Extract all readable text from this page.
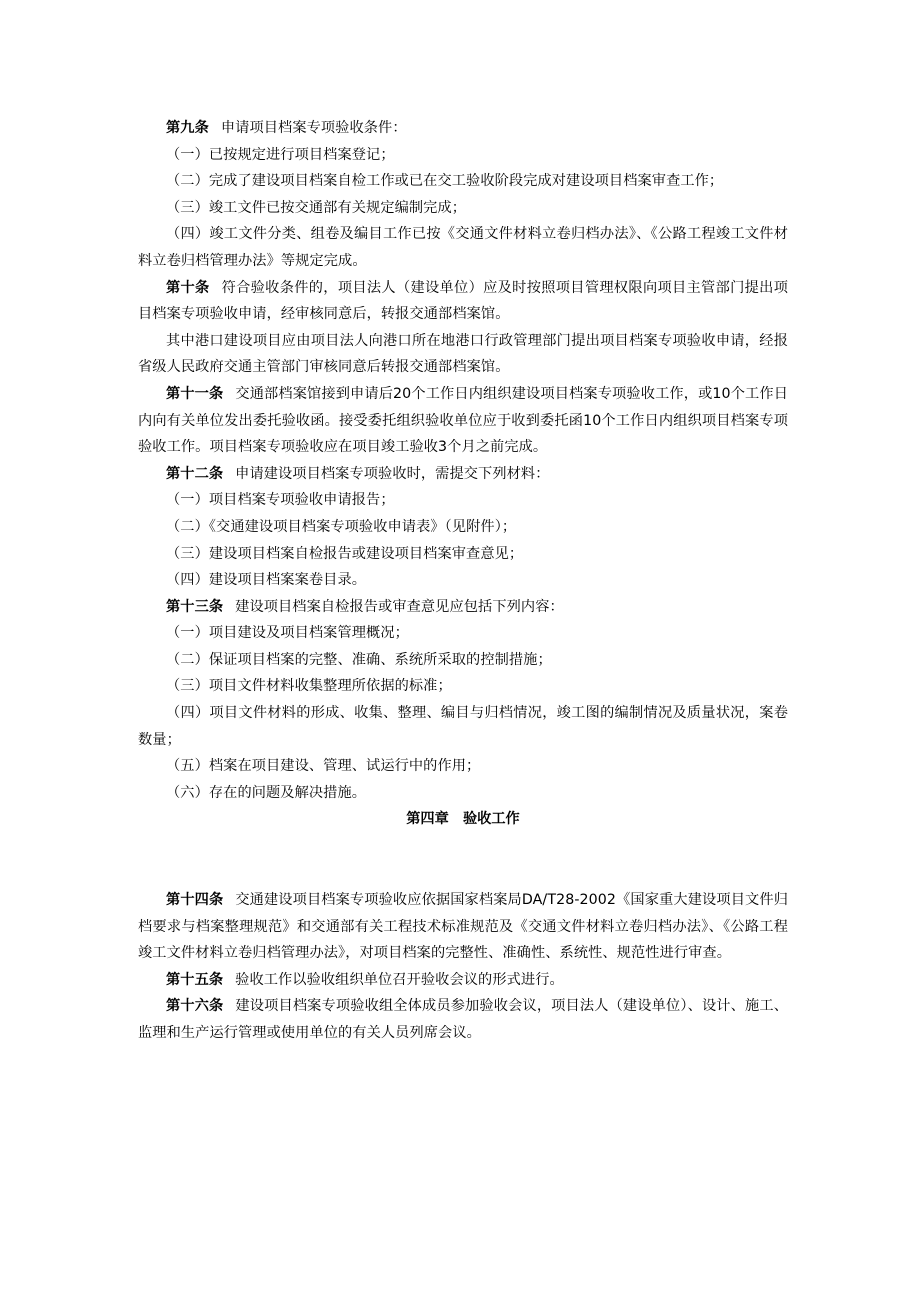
第九条 申请项目档案专项验收条件：

（一）已按规定进行项目档案登记；

（二）完成了建设项目档案自检工作或已在交工验收阶段完成对建设项目档案审查工作；

（三）竣工文件已按交通部有关规定编制完成；

（四）竣工文件分类、组卷及编目工作已按《交通文件材料立卷归档办法》、《公路工程竣工文件材料立卷归档管理办法》等规定完成。

第十条 符合验收条件的，项目法人（建设单位）应及时按照项目管理权限向项目主管部门提出项目档案专项验收申请，经审核同意后，转报交通部档案馆。

其中港口建设项目应由项目法人向港口所在地港口行政管理部门提出项目档案专项验收申请，经报省级人民政府交通主管部门审核同意后转报交通部档案馆。

第十一条 交通部档案馆接到申请后20个工作日内组织建设项目档案专项验收工作，或10个工作日内向有关单位发出委托验收函。接受委托组织验收单位应于收到委托函10个工作日内组织项目档案专项验收工作。项目档案专项验收应在项目竣工验收3个月之前完成。

第十二条 申请建设项目档案专项验收时，需提交下列材料：

（一）项目档案专项验收申请报告；

（二）《交通建设项目档案专项验收申请表》（见附件）；

（三）建设项目档案自检报告或建设项目档案审查意见；

（四）建设项目档案案卷目录。

第十三条 建设项目档案自检报告或审查意见应包括下列内容：

（一）项目建设及项目档案管理概况；

（二）保证项目档案的完整、准确、系统所采取的控制措施；

（三）项目文件材料收集整理所依据的标准；

（四）项目文件材料的形成、收集、整理、编目与归档情况，竣工图的编制情况及质量状况，案卷数量；

（五）档案在项目建设、管理、试运行中的作用；

（六）存在的问题及解决措施。

第四章　验收工作

第十四条 交通建设项目档案专项验收应依据国家档案局DA/T28-2002《国家重大建设项目文件归档要求与档案整理规范》和交通部有关工程技术标准规范及《交通文件材料立卷归档办法》、《公路工程竣工文件材料立卷归档管理办法》，对项目档案的完整性、准确性、系统性、规范性进行审查。

第十五条 验收工作以验收组织单位召开验收会议的形式进行。

第十六条 建设项目档案专项验收组全体成员参加验收会议，项目法人（建设单位）、设计、施工、监理和生产运行管理或使用单位的有关人员列席会议。
